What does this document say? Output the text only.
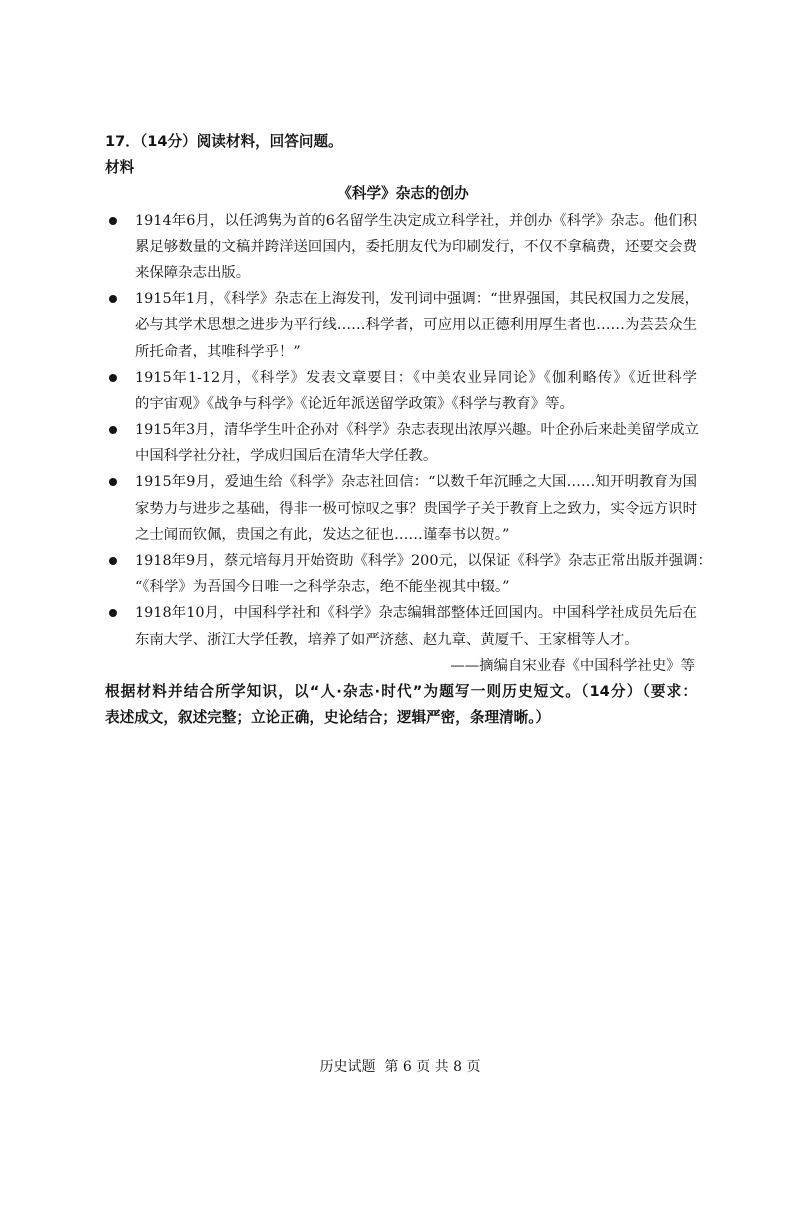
17．（14分）阅读材料，回答问题。
材料
《科学》杂志的创办
1914年6月，以任鸿隽为首的6名留学生决定成立科学社，并创办《科学》杂志。他们积
累足够数量的文稿并跨洋送回国内，委托朋友代为印刷发行，不仅不拿稿费，还要交会费
来保障杂志出版。
1915年1月，《科学》杂志在上海发刊，发刊词中强调：“世界强国，其民权国力之发展，
必与其学术思想之进步为平行线……科学者，可应用以正德利用厚生者也……为芸芸众生
所托命者，其唯科学乎！”
1915年1-12月，《科学》发表文章要目：《中美农业异同论》《伽利略传》《近世科学
的宇宙观》《战争与科学》《论近年派送留学政策》《科学与教育》等。
1915年3月，清华学生叶企孙对《科学》杂志表现出浓厚兴趣。叶企孙后来赴美留学成立
中国科学社分社，学成归国后在清华大学任教。
1915年9月，爱迪生给《科学》杂志社回信：“以数千年沉睡之大国……知开明教育为国
家势力与进步之基础，得非一极可惊叹之事？贵国学子关于教育上之致力，实令远方识时
之士闻而钦佩，贵国之有此，发达之征也……谨奉书以贺。”
1918年9月，蔡元培每月开始资助《科学》200元，以保证《科学》杂志正常出版并强调：
“《科学》为吾国今日唯一之科学杂志，绝不能坐视其中辍。”
1918年10月，中国科学社和《科学》杂志编辑部整体迁回国内。中国科学社成员先后在
东南大学、浙江大学任教，培养了如严济慈、赵九章、黄厦千、王家楫等人才。
——摘编自宋业春《中国科学社史》等
根据材料并结合所学知识，以“人·杂志·时代”为题写一则历史短文。（14分）（要求：
表述成文，叙述完整；立论正确，史论结合；逻辑严密，条理清晰。）
历史试题  第 6 页 共 8 页
